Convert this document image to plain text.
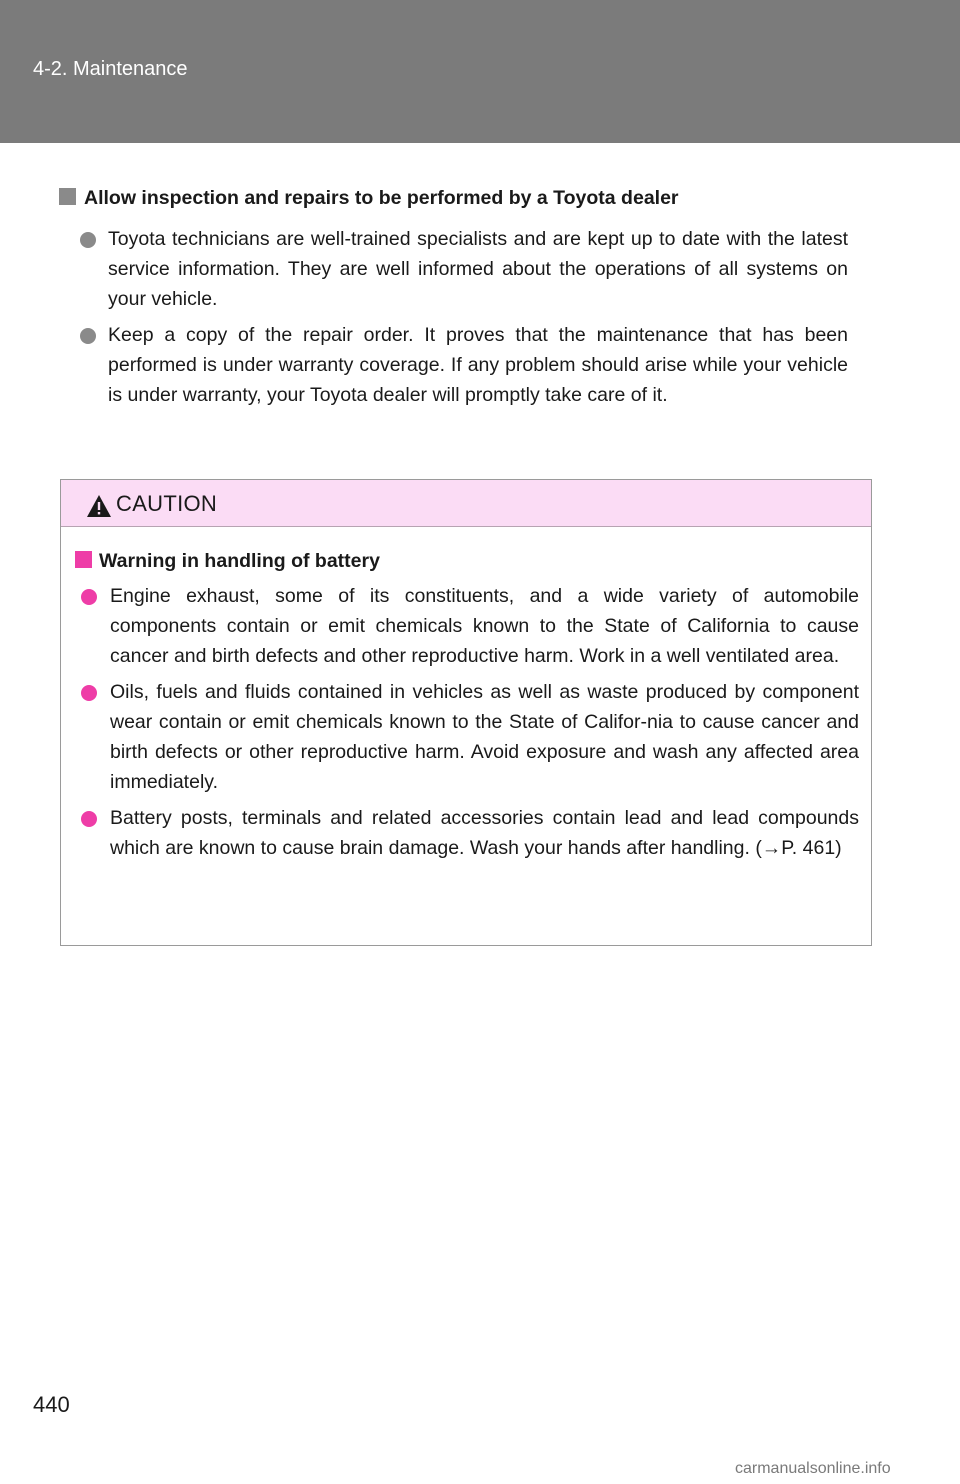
4-2. Maintenance
Allow inspection and repairs to be performed by a Toyota dealer
Toyota technicians are well-trained specialists and are kept up to date with the latest service information. They are well informed about the operations of all systems on your vehicle.
Keep a copy of the repair order. It proves that the maintenance that has been performed is under warranty coverage. If any problem should arise while your vehicle is under warranty, your Toyota dealer will promptly take care of it.
CAUTION
Warning in handling of battery
Engine exhaust, some of its constituents, and a wide variety of automobile components contain or emit chemicals known to the State of California to cause cancer and birth defects and other reproductive harm. Work in a well ventilated area.
Oils, fuels and fluids contained in vehicles as well as waste produced by component wear contain or emit chemicals known to the State of Califor-nia to cause cancer and birth defects or other reproductive harm. Avoid exposure and wash any affected area immediately.
Battery posts, terminals and related accessories contain lead and lead compounds which are known to cause brain damage. Wash your hands after handling. (→P. 461)
440
carmanualsonline.info
